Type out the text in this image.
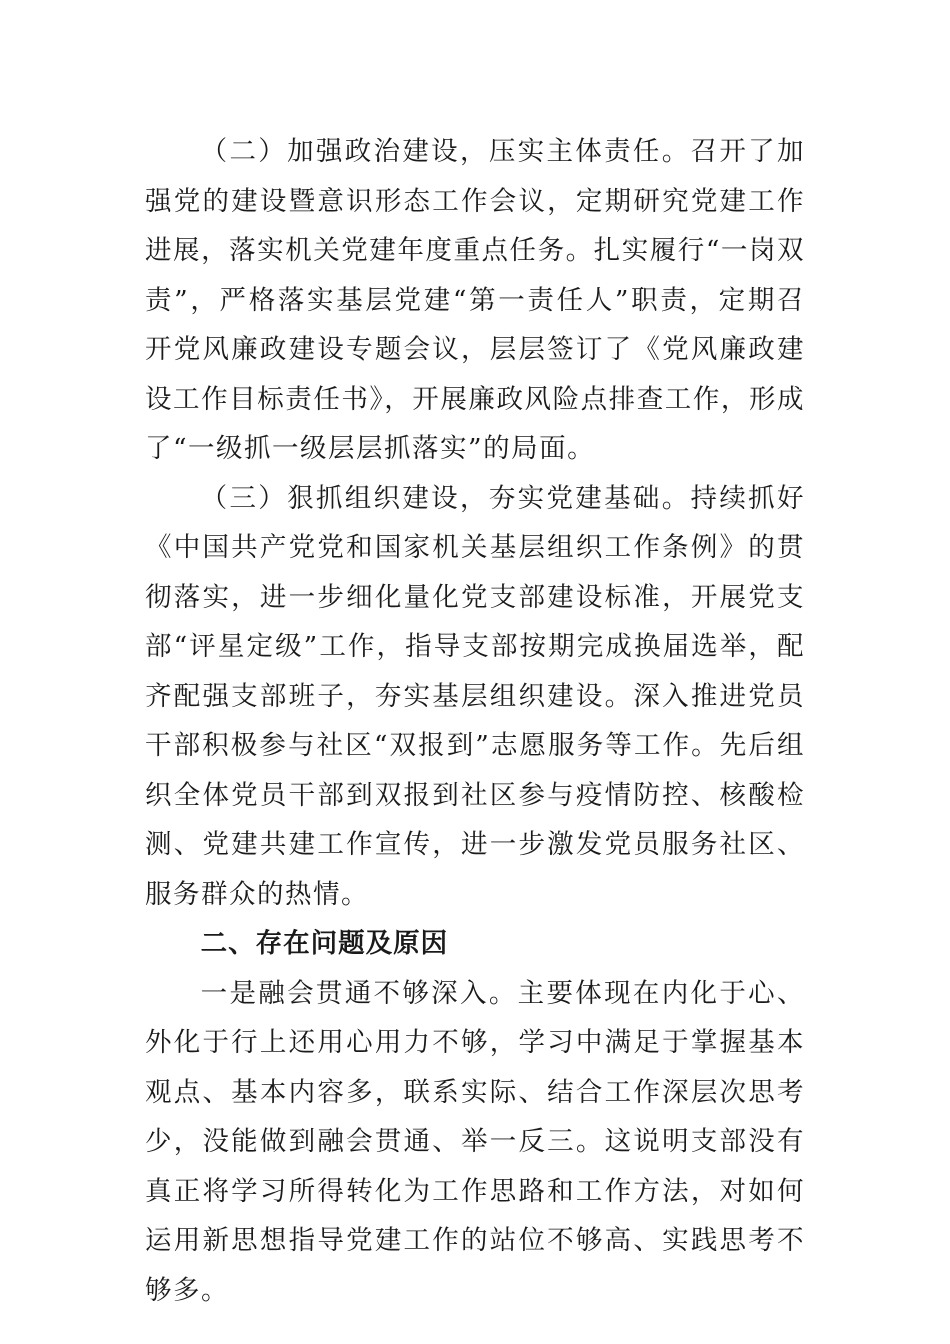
（二）加强政治建设，压实主体责任。召开了加强党的建设暨意识形态工作会议，定期研究党建工作进展，落实机关党建年度重点任务。扎实履行“一岗双责”，严格落实基层党建“第一责任人”职责，定期召开党风廉政建设专题会议，层层签订了《党风廉政建设工作目标责任书》，开展廉政风险点排查工作，形成了“一级抓一级层层抓落实”的局面。

（三）狠抓组织建设，夯实党建基础。持续抓好《中国共产党党和国家机关基层组织工作条例》的贯彻落实，进一步细化量化党支部建设标准，开展党支部“评星定级”工作，指导支部按期完成换届选举，配齐配强支部班子，夯实基层组织建设。深入推进党员干部积极参与社区“双报到”志愿服务等工作。先后组织全体党员干部到双报到社区参与疫情防控、核酸检测、党建共建工作宣传，进一步激发党员服务社区、服务群众的热情。

二、存在问题及原因

一是融会贯通不够深入。主要体现在内化于心、外化于行上还用心用力不够，学习中满足于掌握基本观点、基本内容多，联系实际、结合工作深层次思考少，没能做到融会贯通、举一反三。这说明支部没有真正将学习所得转化为工作思路和工作方法，对如何运用新思想指导党建工作的站位不够高、实践思考不够多。
